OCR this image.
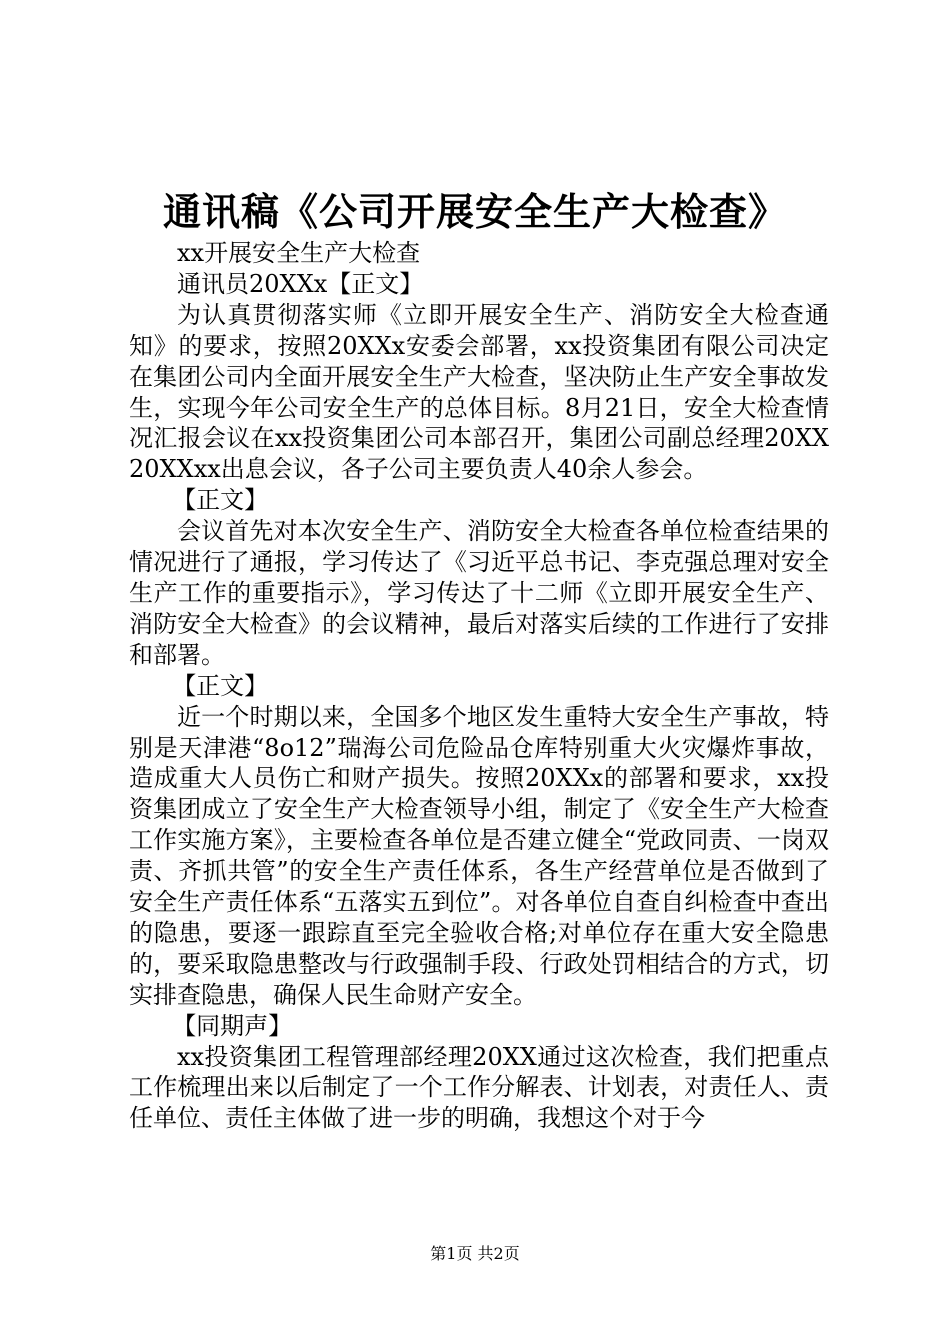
通讯稿《公司开展安全生产大检查》

xx开展安全生产大检查

通讯员20XXx【正文】

为认真贯彻落实师《立即开展安全生产、消防安全大检查通知》的要求，按照20XXx安委会部署，xx投资集团有限公司决定在集团公司内全面开展安全生产大检查，坚决防止生产安全事故发生，实现今年公司安全生产的总体目标。8月21日，安全大检查情况汇报会议在xx投资集团公司本部召开，集团公司副总经理20XX20XXxx出息会议，各子公司主要负责人40余人参会。

【正文】

会议首先对本次安全生产、消防安全大检查各单位检查结果的情况进行了通报，学习传达了《习近平总书记、李克强总理对安全生产工作的重要指示》，学习传达了十二师《立即开展安全生产、消防安全大检查》的会议精神，最后对落实后续的工作进行了安排和部署。

【正文】

近一个时期以来，全国多个地区发生重特大安全生产事故，特别是天津港“8o12”瑞海公司危险品仓库特别重大火灾爆炸事故，造成重大人员伤亡和财产损失。按照20XXx的部署和要求，xx投资集团成立了安全生产大检查领导小组，制定了《安全生产大检查工作实施方案》，主要检查各单位是否建立健全“党政同责、一岗双责、齐抓共管”的安全生产责任体系，各生产经营单位是否做到了安全生产责任体系“五落实五到位”。对各单位自查自纠检查中查出的隐患，要逐一跟踪直至完全验收合格;对单位存在重大安全隐患的，要采取隐患整改与行政强制手段、行政处罚相结合的方式，切实排查隐患，确保人民生命财产安全。

【同期声】

xx投资集团工程管理部经理20XX通过这次检查，我们把重点工作梳理出来以后制定了一个工作分解表、计划表，对责任人、责任单位、责任主体做了进一步的明确，我想这个对于今

第1页 共2页
